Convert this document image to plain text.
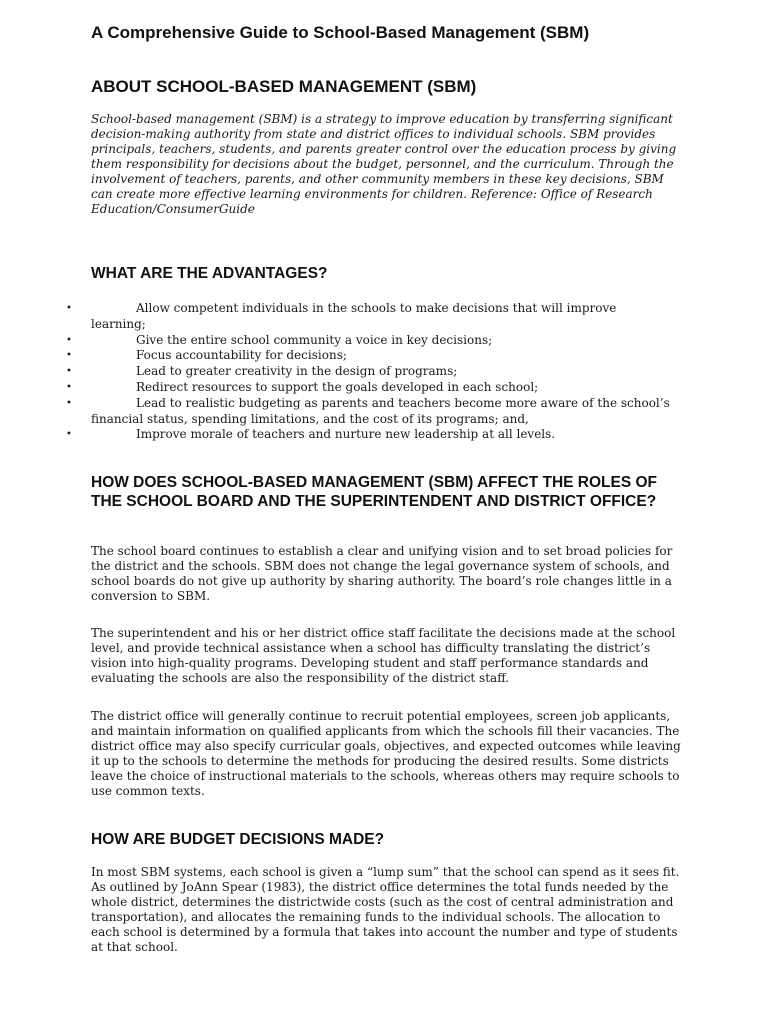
A Comprehensive Guide to School-Based Management (SBM)
ABOUT SCHOOL-BASED MANAGEMENT (SBM)

School-based management (SBM) is a strategy to improve education by transferring significant decision-making authority from state and district offices to individual schools. SBM provides principals, teachers, students, and parents greater control over the education process by giving them responsibility for decisions about the budget, personnel, and the curriculum. Through the involvement of teachers, parents, and other community members in these key decisions, SBM can create more effective learning environments for children. Reference: Office of Research Education/ConsumerGuide

WHAT ARE THE ADVANTAGES?
•	Allow competent individuals in the schools to make decisions that will improve learning;
•	Give the entire school community a voice in key decisions;
•	Focus accountability for decisions;
•	Lead to greater creativity in the design of programs;
•	Redirect resources to support the goals developed in each school;
•	Lead to realistic budgeting as parents and teachers become more aware of the school’s financial status, spending limitations, and the cost of its programs; and,
•	Improve morale of teachers and nurture new leadership at all levels.
HOW DOES SCHOOL-BASED MANAGEMENT (SBM) AFFECT THE ROLES OF THE SCHOOL BOARD AND THE SUPERINTENDENT AND DISTRICT OFFICE?

The school board continues to establish a clear and unifying vision and to set broad policies for the district and the schools. SBM does not change the legal governance system of schools, and school boards do not give up authority by sharing authority. The board’s role changes little in a conversion to SBM.

The superintendent and his or her district office staff facilitate the decisions made at the school level, and provide technical assistance when a school has difficulty translating the district’s vision into high-quality programs. Developing student and staff performance standards and evaluating the schools are also the responsibility of the district staff.

The district office will generally continue to recruit potential employees, screen job applicants, and maintain information on qualified applicants from which the schools fill their vacancies. The district office may also specify curricular goals, objectives, and expected outcomes while leaving it up to the schools to determine the methods for producing the desired results. Some districts leave the choice of instructional materials to the schools, whereas others may require schools to use common texts.

HOW ARE BUDGET DECISIONS MADE?

In most SBM systems, each school is given a “lump sum” that the school can spend as it sees fit. As outlined by JoAnn Spear (1983), the district office determines the total funds needed by the whole district, determines the districtwide costs (such as the cost of central administration and transportation), and allocates the remaining funds to the individual schools. The allocation to each school is determined by a formula that takes into account the number and type of students at that school.
